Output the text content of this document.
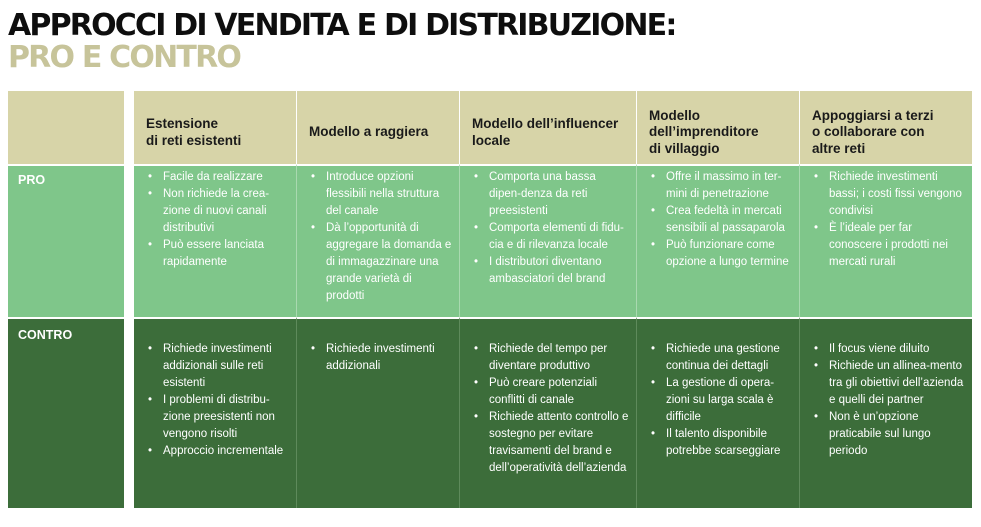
APPROCCI DI VENDITA E DI DISTRIBUZIONE:
PRO E CONTRO
Estensione
di reti esistenti
Modello a raggiera
Modello dell’influencer
locale
Modello
dell’imprenditore
di villaggio
Appoggiarsi a terzi
o collaborare con
altre reti
PRO
•	Facile da realizzare
• Non richiede la crea-zione di nuovi canali distributivi
• Può essere lanciata rapidamente
• Introduce opzioni flessibili nella struttura del canale
• Dà l’opportunità di aggregare la domanda e di immagazzinare una grande varietà di prodotti
• Comporta una bassa dipen-denza da reti preesistenti
• Comporta elementi di fidu-cia e di rilevanza locale
• I distributori diventano ambasciatori del brand
• Offre il massimo in ter-mini di penetrazione
• Crea fedeltà in mercati sensibili al passaparola
• Può funzionare come opzione a lungo termine
• Richiede investimenti bassi; i costi fissi vengono condivisi
• È l’ideale per far conoscere i prodotti nei mercati rurali
CONTRO
• Richiede investimenti addizionali sulle reti esistenti
• I problemi di distribu-zione preesistenti non vengono risolti
• Approccio incrementale
• Richiede investimenti addizionali
• Richiede del tempo per diventare produttivo
• Può creare potenziali conflitti di canale
• Richiede attento controllo e sostegno per evitare travisamenti del brand e dell’operatività dell’azienda
• Richiede una gestione continua dei dettagli
• La gestione di opera-zioni su larga scala è difficile
• Il talento disponibile potrebbe scarseggiare
• Il focus viene diluito
• Richiede un allinea-mento tra gli obiettivi dell’azienda e quelli dei partner
• Non è un’opzione praticabile sul lungo periodo
